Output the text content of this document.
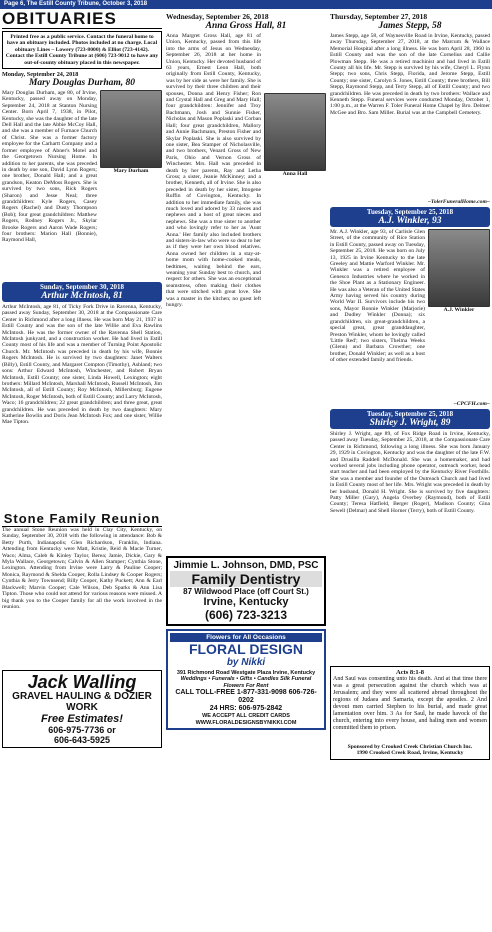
Page 6, The Estill County Tribune, October 3, 2018
OBITUARIES
Printed free as a public service. Contact the funeral home to have an obituary included. Photos included at no charge. Local obituary Lines – Lowery (723-8000) & Elliot (723-4142). Contact the Estill County Tribune at (606) 723-9012 to have any out-of-county obituary placed in this newspaper.
Monday, September 24, 2018
Mary Douglas Durham, 80
Mary Durham
Mary Douglas Durham, age 80, of Irvine, Kentucky, passed away on Monday, September 24, 2018 at Stanton Nursing Center. Born April 7, 1938, in Pilot, Kentucky, she was the daughter of the late Dell Hall and the late Abbie McCoy Hall, and she was a member of Furnace Church of Christ. She was a former factory employee for the Carhartt Company and a former employee of Abner's Motel and the Georgetown Nursing Home. In addition to her parents, she was preceded in death by one son, David Lynn Rogers; one brother, Donald Hall; and a great grandson, Keaton DeMoss Rogers. She is survived by two sons, Rick Rogers (Sharon) and Jesse Neal; three grandchildren: Kyle Rogers, Casey Rogers (Rachel) and Dusty Thompson (Bob); four great grandchildren: Matthew Rogers, Rodney Rogers Jr., Skylar Brooke Rogers and Aaron Wade Rogers; four brothers: Marion Hall (Bonnie), Raymond Hall,
Sunday, September 30, 2018
Arthur McIntosh, 81
Arthur McIntosh, age 81, of Ticky Fork Drive in Ravenna, Kentucky, passed away Sunday, September 30, 2018 at the Compassionate Care Center in Richmond after a long illness. He was born May 21, 1937 in Estill County and was the son of the late Willie and Eva Rawlins McIntosh. He was the former owner of the Ravenna Shell Station, McIntosh junkyard, and a construction worker. He had lived in Estill County most of his life and was a member of Turning Point Apostolic Church. Mr. McIntosh was preceded in death by his wife, Bonnie Rogers McIntosh. He is survived by two daughters: Janet Walters (Billy), Estill County, and Margaret Compton (Timothy), Ashland; two sons: Arthur Edward McIntosh, Winchester, and Robert Bryan McIntosh, Estill County; one sister, Linda Howell, Lexington; eight brothers: Millard McIntosh, Marshall McIntosh, Russell McIntosh, Jim McIntosh, all of Estill County; Roy McIntosh, Millersburg; Eugene McIntosh, Roger McIntosh, both of Estill County; and Larry McIntosh, Waco; 16 grandchildren; 22 great grandchildren; and three great, great grandchildren. He was preceded in death by two daughters: Mary Katherine Bowlin and Doris Jean McIntosh Fox; and one sister, Willie Mae Tipton.
Stone Family Reunion
The annual Stone Reunion was held in Clay City, Kentucky, on Sunday, September 30, 2018 with the following in attendance: Bob & Betty Purth, Indianapolis; Glen Richardson, Franklin, Indiana. Attending from Kentucky were Matt, Kristie, Reid & Macie Turner, Waco; Alma, Caleb & Kinley Taylor, Berea; Jamie, Dickie, Gary & Myla Wallace, Georgetown; Calvin & Allen Stamper; Cynthia Stone, Lexington. Attending from Irvine were Larry & Pauline Cooper; Monica, Raymond & Shelda Cooper, Rolla Lindsey & Cooper Rogers; Cynthia & Jerry Townsend; Billy Cooper, Kathy Puckett; Ann & Earl Blackwell; Marvin Cooper; Cale Wilson, Deb Sparks & Ann Lisa Tipton. Those who could not attend for various reasons were missed. A big thank you to the Cooper family for all the work involved in the reunion.
Jack Walling
GRAVEL HAULING & DOZIER WORK
Free Estimates!
606-975-7736 or
606-643-5925
Wednesday, September 26, 2018
Anna Gross Hall, 81
Anna Hall
Anna Margret Gross Hall, age 81 of Union, Kentucky, passed from this life into the arms of Jesus on Wednesday, September 26, 2018 at her home in Union, Kentucky. Her devoted husband of 63 years, Ernest Leon Hall, both originally from Estill County, Kentucky, was by her side as were her family. She is survived by their three children and their spouses, Donna and Henry Fisher; Ron and Crystal Hall and Greg and Mary Hall; four grandchildren: Jennifer and Troy Bachmann, Josh and Sunnie Fisher, Nicholas and Mason Poplaski and Corban Hall; four great grandchildren, Mallory and Annie Bachmann, Preston Fisher and Skylar Poplaski. She is also survived by one sister, Bea Stamper of Nicholasville, and two brothers, Venard Gross of New Paris, Ohio and Vernon Gross of Winchester. Mrs. Hall was preceded in death by her parents, Ray and Letha Gross; a sister, Jeanie McKinney; and a brother, Kenneth, all of Irvine. She is also preceded in death by her sister, Imogene Ruffin of Covington, Kentucky. In addition to her immediate family, she was much loved and adored by 33 nieces and nephews and a host of great nieces and nephews. She was a true sister to another and who lovingly refer to her as 'Aunt Anna.' Her family also included brothers and sisters-in-law who were so dear to her as if they were her own blood relatives. Anna owned her children in a stay-at-home mom with home-cooked meals, bedtimes, waiting behind the ears, weaning your Sunday best to church, and respect for others. She was an exceptional seamstress, often making their clothes that were stitched with great love. She was a master in the kitchen; no guest left hungry.
Jimmie L. Johnson, DMD, PSC
Family Dentistry
87 Wildwood Place (off Court St.)
Irvine, Kentucky
(606) 723-3213
Flowers for All Occasions
FLORAL DESIGN
by Nikki
391 Richmond Road Westgate Plaza Irvine, Kentucky
Weddings • Funerals • Gifts • Candles Silk Funeral Flowers For Rent
CALL TOLL-FREE 1-877-331-9098 606-726-0202
24 HRS: 606-975-2842
WE ACCEPT ALL CREDIT CARDS
WWW.FLORALDESIGNSBYNIKKI.COM
Thursday, September 27, 2018
James Stepp, 58
James Stepp, age 58, of Waynesville Road in Irvine, Kentucky, passed away Thursday, September 27, 2018, at the Marcum & Wallace Memorial Hospital after a long illness. He was born April 28, 1960 in Estill County and was the son of the late Cornelius and Callie Plowman Stepp. He was a retired machinist and had lived in Estill County all his life. Mr. Stepp is survived by his wife, Cheryl L. Flynn Stepp; two sons, Chris Stepp, Florida, and Jerome Stepp, Estill County; one sister, Carolyn S. Jones, Estill County; three brothers, Bill Stepp, Raymond Stepp, and Terry Stepp, all of Estill County; and two grandchildren. He was preceded in death by two brothers: Wallace and Kenneth Stepp. Funeral services were conducted Monday, October 1, 1:00 p.m., at the Warren F. Toler Funeral Home Chapel by Bro. Delmer McGee and Bro. Sam Miller. Burial was at the Campbell Cemetery.
~TolerFuneralHome.com~
Tuesday, September 25, 2018
A.J. Winkler, 93
A.J. Winkler
Mr. A.J. Winkler, age 93, of Carlisle Glen Street, of the community of Rice Station in Estill County, passed away on Tuesday, September 25, 2018. He was born on July 13, 1925 in Irvine Kentucky to the late Greeley and Mattie Warford Winkler. Mr. Winkler was a retired employee of Genesco Industries where he worked in the Shoe Plant as a Stationary Engineer. He was also a Veteran of the United States Army having served his country during World War II. Survivors include his two sons, Mayor Ronnie Winkler (Marjorie) and Dudley Winkler (Donna); six grandchildren, six great-grandchildren, a special great, great granddaughter, Preston Winkler, whom he lovingly called 'Little Red'; two sisters, Thelma Weeks (Glenn) and Barbara Crowther; one brother, Donald Winkler; as well as a host of other extended family and friends.
~CPCFH.com~
Tuesday, September 25, 2018
Shirley J. Wright, 89
Shirley J. Wright, age 89, of Fox Ridge Road in Irvine, Kentucky, passed away Tuesday, September 25, 2018, at the Compassionate Care Center in Richmond, following a long illness. She was born January 29, 1929 in Covington, Kentucky and was the daughter of the late F.W. and Drusilla Raddell McDonald. She was a homemaker, and had worked several jobs including phone operator, outreach worker, head start teacher and had been employed by the Kentucky River Foothills. She was a member and founder of the Outreach Church and had lived in Estill County most of her life. Mrs. Wright was preceded in death by her husband, Donald H. Wright. She is survived by five daughters: Patty Miller (Gary), Angela Overbey (Raymond), both of Estill County; Teresa Hatfield, Berger (Roger), Madison County; Gina Sewell (Delmar) and Shell Horner (Terry), both of Estill County.
Acts 8:1-8
And Saul was consenting unto his death. And at that time there was a great persecution against the church which was at Jerusalem; and they were all scattered abroad throughout the regions of Judaea and Samaria, except the apostles. 2 And devout men carried Stephen to his burial, and made great lamentation over him. 3 As for Saul, he made havock of the church, entering into every house, and haling men and women committed them to prison.
Sponsored by Crooked Creek Christian Church Inc.
1990 Crooked Creek Road, Irvine, Kentucky
